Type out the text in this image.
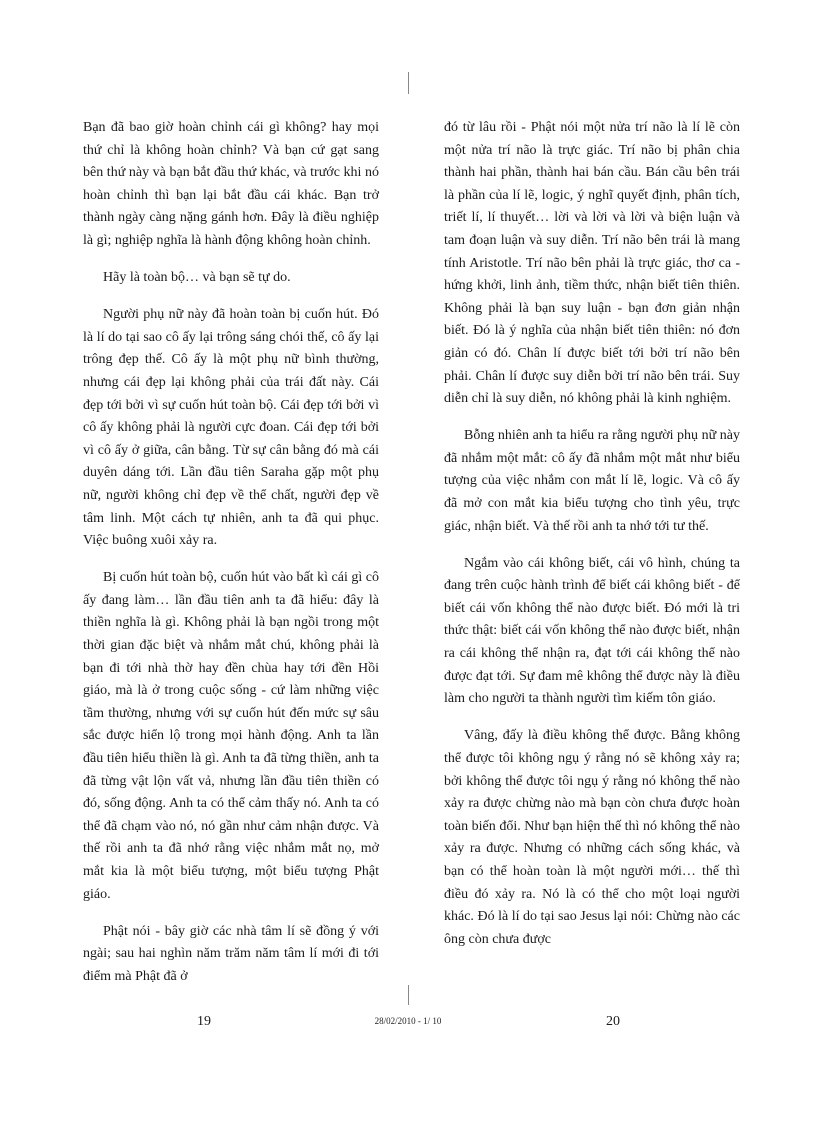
Bạn đã bao giờ hoàn chỉnh cái gì không? hay mọi thứ chỉ là không hoàn chỉnh? Và bạn cứ gạt sang bên thứ này và bạn bắt đầu thứ khác, và trước khi nó hoàn chỉnh thì bạn lại bắt đầu cái khác. Bạn trở thành ngày càng nặng gánh hơn. Đây là điều nghiệp là gì; nghiệp nghĩa là hành động không hoàn chỉnh.

Hãy là toàn bộ… và bạn sẽ tự do.

Người phụ nữ này đã hoàn toàn bị cuốn hút. Đó là lí do tại sao cô ấy lại trông sáng chói thế, cô ấy lại trông đẹp thế. Cô ấy là một phụ nữ bình thường, nhưng cái đẹp lại không phải của trái đất này. Cái đẹp tới bởi vì sự cuốn hút toàn bộ. Cái đẹp tới bởi vì cô ấy không phải là người cực đoan. Cái đẹp tới bởi vì cô ấy ở giữa, cân bằng. Từ sự cân bằng đó mà cái duyên dáng tới. Lần đầu tiên Saraha gặp một phụ nữ, người không chỉ đẹp về thể chất, người đẹp về tâm linh. Một cách tự nhiên, anh ta đã qui phục. Việc buông xuôi xảy ra.

Bị cuốn hút toàn bộ, cuốn hút vào bất kì cái gì cô ấy đang làm… lần đầu tiên anh ta đã hiểu: đây là thiền nghĩa là gì. Không phải là bạn ngồi trong một thời gian đặc biệt và nhắm mắt chú, không phải là bạn đi tới nhà thờ hay đền chùa hay tới đền Hồi giáo, mà là ở trong cuộc sống - cứ làm những việc tầm thường, nhưng với sự cuốn hút đến mức sự sâu sắc được hiển lộ trong mọi hành động. Anh ta lần đầu tiên hiểu thiền là gì. Anh ta đã từng thiền, anh ta đã từng vật lộn vất vả, nhưng lần đầu tiên thiền có đó, sống động. Anh ta có thể cảm thấy nó. Anh ta có thể đã chạm vào nó, nó gần như cảm nhận được. Và thế rồi anh ta đã nhớ rằng việc nhắm mắt nọ, mở mắt kia là một biểu tượng, một biểu tượng Phật giáo.

Phật nói - bây giờ các nhà tâm lí sẽ đồng ý với ngài; sau hai nghìn năm trăm năm tâm lí mới đi tới điểm mà Phật đã ở

đó từ lâu rồi - Phật nói một nửa trí não là lí lẽ còn một nửa trí não là trực giác. Trí não bị phân chia thành hai phần, thành hai bán cầu. Bán cầu bên trái là phần của lí lẽ, logic, ý nghĩ quyết định, phân tích, triết lí, lí thuyết… lời và lời và lời và biện luận và tam đoạn luận và suy diễn. Trí não bên trái là mang tính Aristotle. Trí não bên phải là trực giác, thơ ca - hứng khởi, linh ảnh, tiềm thức, nhận biết tiên thiên. Không phải là bạn suy luận - bạn đơn giản nhận biết. Đó là ý nghĩa của nhận biết tiên thiên: nó đơn giản có đó. Chân lí được biết tới bởi trí não bên phải. Chân lí được suy diễn bởi trí não bên trái. Suy diễn chỉ là suy diễn, nó không phải là kinh nghiệm.

Bỗng nhiên anh ta hiểu ra rằng người phụ nữ này đã nhắm một mắt: cô ấy đã nhắm một mắt như biểu tượng của việc nhắm con mắt lí lẽ, logic. Và cô ấy đã mở con mắt kia biểu tượng cho tình yêu, trực giác, nhận biết. Và thế rồi anh ta nhớ tới tư thế.

Ngắm vào cái không biết, cái vô hình, chúng ta đang trên cuộc hành trình để biết cái không biết - để biết cái vốn không thể nào được biết. Đó mới là tri thức thật: biết cái vốn không thể nào được biết, nhận ra cái không thể nhận ra, đạt tới cái không thể nào được đạt tới. Sự đam mê không thể được này là điều làm cho người ta thành người tìm kiếm tôn giáo.

Vâng, đấy là điều không thể được. Bằng không thể được tôi không ngụ ý rằng nó sẽ không xảy ra; bởi không thể được tôi ngụ ý rằng nó không thể nào xảy ra được chừng nào mà bạn còn chưa được hoàn toàn biến đổi. Như bạn hiện thế thì nó không thể nào xảy ra được. Nhưng có những cách sống khác, và bạn có thể hoàn toàn là một người mới… thế thì điều đó xảy ra. Nó là có thể cho một loại người khác. Đó là lí do tại sao Jesus lại nói: Chừng nào các ông còn chưa được

19	28/02/2010 - 1/ 10	20
